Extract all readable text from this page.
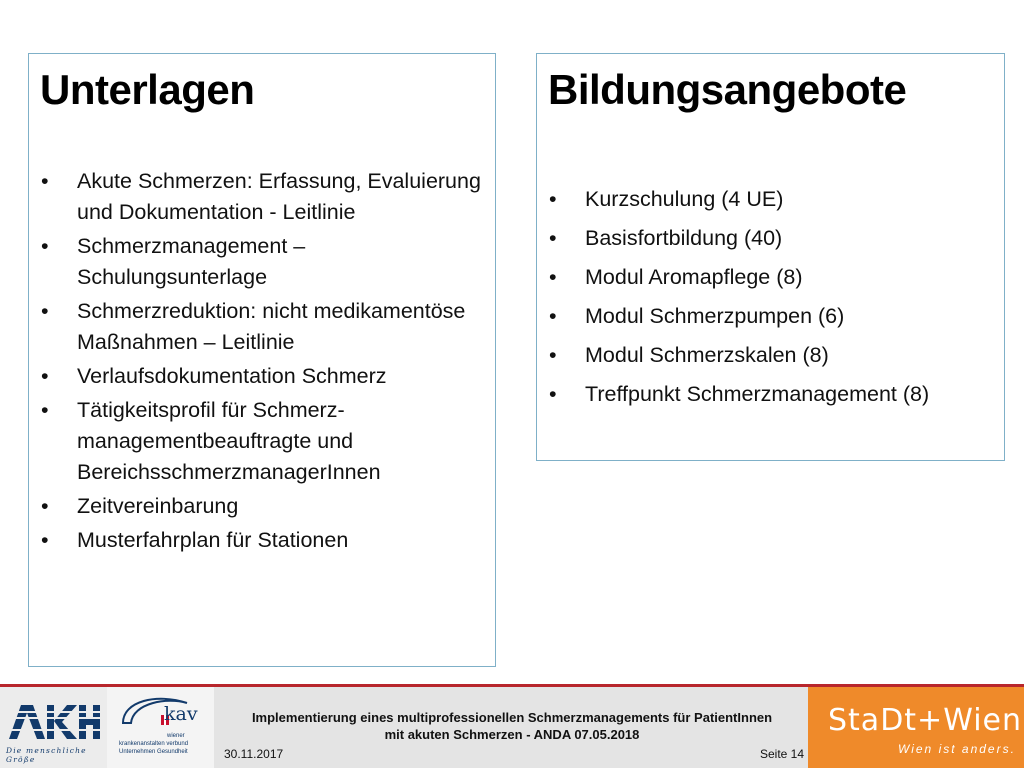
Unterlagen
• Akute Schmerzen: Erfassung, Evaluierung und Dokumentation - Leitlinie
• Schmerzmanagement – Schulungsunterlage
• Schmerzreduktion: nicht medikamentöse Maßnahmen – Leitlinie
• Verlaufsdokumentation Schmerz
• Tätigkeitsprofil für Schmerz-managementbeauftragte und BereichsschmerzmanagerInnen
• Zeitvereinbarung
• Musterfahrplan für Stationen
Bildungsangebote
• Kurzschulung (4 UE)
• Basisfortbildung (40)
• Modul Aromapflege (8)
• Modul Schmerzpumpen (6)
• Modul Schmerzskalen (8)
• Treffpunkt Schmerzmanagement (8)
Die menschliche Größe
kav
wiener
krankenanstalten verbund
Unternehmen Gesundheit
Implementierung eines multiprofessionellen Schmerzmanagements für PatientInnen
mit akuten Schmerzen - ANDA 07.05.2018
30.11.2017	Seite 14
StaDt+Wien
Wien ist anders.
